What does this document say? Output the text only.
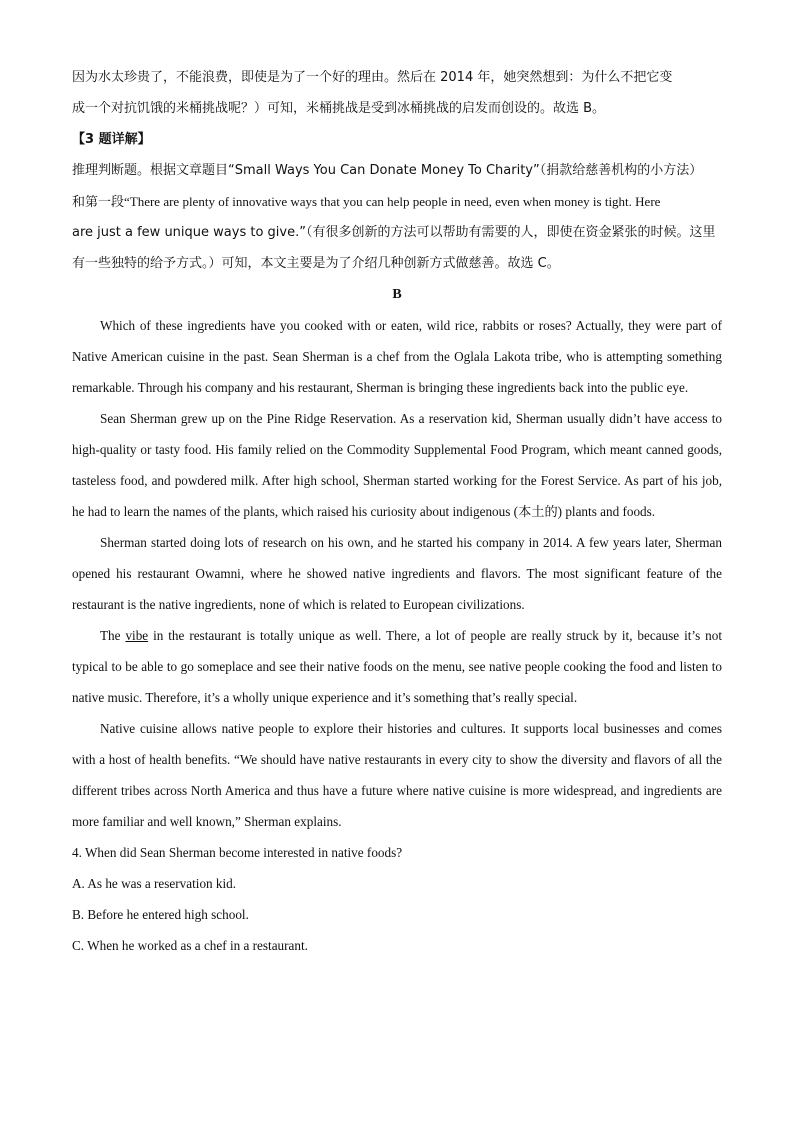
因为水太珍贵了，不能浪费，即使是为了一个好的理由。然后在 2014 年，她突然想到：为什么不把它变

成一个对抗饥饿的米桶挑战呢？）可知，米桶挑战是受到冰桶挑战的启发而创设的。故选 B。

【3 题详解】

推理判断题。根据文章题目“Small Ways You Can Donate Money To Charity”（捐款给慈善机构的小方法）

和第一段“There are plenty of innovative ways that you can help people in need, even when money is tight. Here

are just a few unique ways to give.”（有很多创新的方法可以帮助有需要的人，即使在资金紧张的时候。这里

有一些独特的给予方式。）可知，本文主要是为了介绍几种创新方式做慈善。故选 C。

B

Which of these ingredients have you cooked with or eaten, wild rice, rabbits or roses? Actually, they were part of Native American cuisine in the past. Sean Sherman is a chef from the Oglala Lakota tribe, who is attempting something remarkable. Through his company and his restaurant, Sherman is bringing these ingredients back into the public eye.

Sean Sherman grew up on the Pine Ridge Reservation. As a reservation kid, Sherman usually didn’t have access to high-quality or tasty food. His family relied on the Commodity Supplemental Food Program, which meant canned goods, tasteless food, and powdered milk. After high school, Sherman started working for the Forest Service. As part of his job, he had to learn the names of the plants, which raised his curiosity about indigenous (本土的) plants and foods.

Sherman started doing lots of research on his own, and he started his company in 2014. A few years later, Sherman opened his restaurant Owamni, where he showed native ingredients and flavors. The most significant feature of the restaurant is the native ingredients, none of which is related to European civilizations.

The vibe in the restaurant is totally unique as well. There, a lot of people are really struck by it, because it’s not typical to be able to go someplace and see their native foods on the menu, see native people cooking the food and listen to native music. Therefore, it’s a wholly unique experience and it’s something that’s really special.

Native cuisine allows native people to explore their histories and cultures. It supports local businesses and comes with a host of health benefits. “We should have native restaurants in every city to show the diversity and flavors of all the different tribes across North America and thus have a future where native cuisine is more widespread, and ingredients are more familiar and well known,” Sherman explains.

4. When did Sean Sherman become interested in native foods?

A. As he was a reservation kid.

B. Before he entered high school.

C. When he worked as a chef in a restaurant.
